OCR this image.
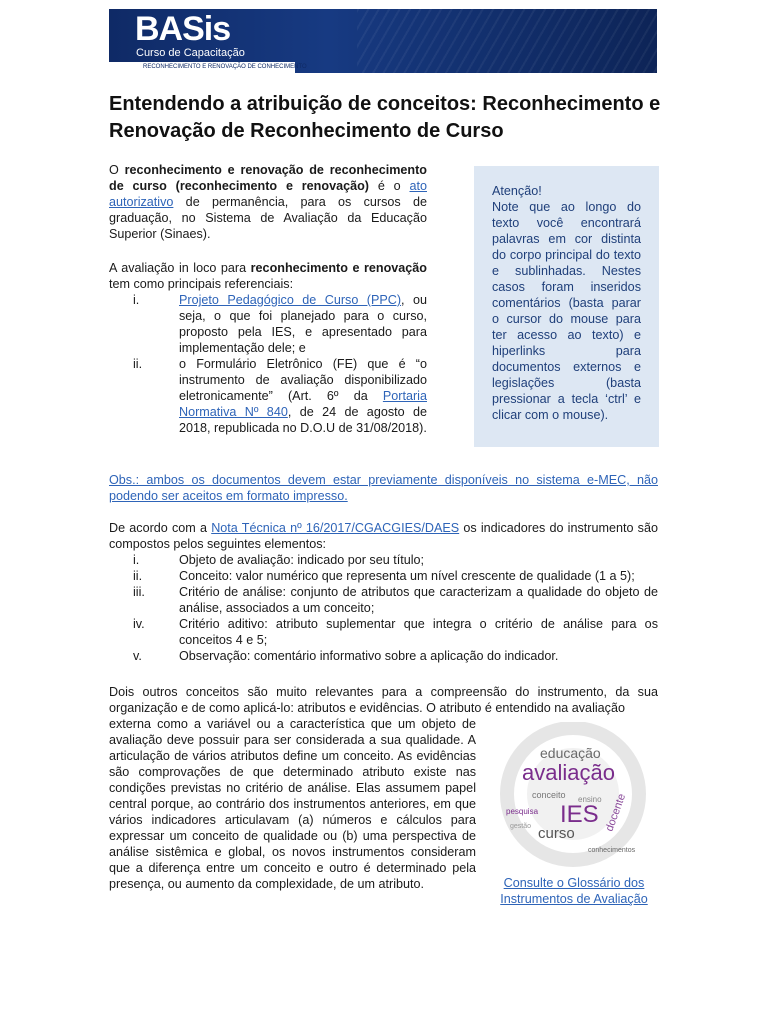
BASis
Curso de Capacitação
RECONHECIMENTO E RENOVAÇÃO DE CONHECIMENTO
Entendendo a atribuição de conceitos: Reconhecimento e Renovação de Reconhecimento de Curso
O reconhecimento e renovação de reconhecimento de curso (reconhecimento e renovação) é o ato autorizativo de permanência, para os cursos de graduação, no Sistema de Avaliação da Educação Superior (Sinaes).
A avaliação in loco para reconhecimento e renovação tem como principais referenciais:
i.	Projeto Pedagógico de Curso (PPC), ou seja, o que foi planejado para o curso, proposto pela IES, e apresentado para implementação dele; e
ii.	o Formulário Eletrônico (FE) que é “o instrumento de avaliação disponibilizado eletronicamente” (Art. 6º da Portaria Normativa Nº 840, de 24 de agosto de 2018, republicada no D.O.U de 31/08/2018).
Atenção!
Note que ao longo do texto você encontrará palavras em cor distinta do corpo principal do texto e sublinhadas. Nestes casos foram inseridos comentários (basta parar o cursor do mouse para ter acesso ao texto) e hiperlinks para documentos externos e legislações (basta pressionar a tecla ‘ctrl’ e clicar com o mouse).
Obs.: ambos os documentos devem estar previamente disponíveis no sistema e-MEC, não podendo ser aceitos em formato impresso.
De acordo com a Nota Técnica nº 16/2017/CGACGIES/DAES os indicadores do instrumento são compostos pelos seguintes elementos:
i.	Objeto de avaliação: indicado por seu título;
ii.	Conceito: valor numérico que representa um nível crescente de qualidade (1 a 5);
iii.	Critério de análise: conjunto de atributos que caracterizam a qualidade do objeto de análise, associados a um conceito;
iv.	Critério aditivo: atributo suplementar que integra o critério de análise para os conceitos 4 e 5;
v.	Observação: comentário informativo sobre a aplicação do indicador.
Dois outros conceitos são muito relevantes para a compreensão do instrumento, da sua organização e de como aplicá-lo: atributos e evidências. O atributo é entendido na avaliação
externa como a variável ou a característica que um objeto de avaliação deve possuir para ser considerada a sua qualidade. A articulação de vários atributos define um conceito. As evidências são comprovações de que determinado atributo existe nas condições previstas no critério de análise. Elas assumem papel central porque, ao contrário dos instrumentos anteriores, em que vários indicadores articulavam (a) números e cálculos para expressar um conceito de qualidade ou (b) uma perspectiva de análise sistêmica e global, os novos instrumentos consideram que a diferença entre um conceito e outro é determinado pela presença, ou aumento da complexidade, de um atributo.
educação
avaliação
IES
curso
docente
conceito
pesquisa
conhecimentos
ensino
gestão
Consulte o Glossário dos Instrumentos de Avaliação
